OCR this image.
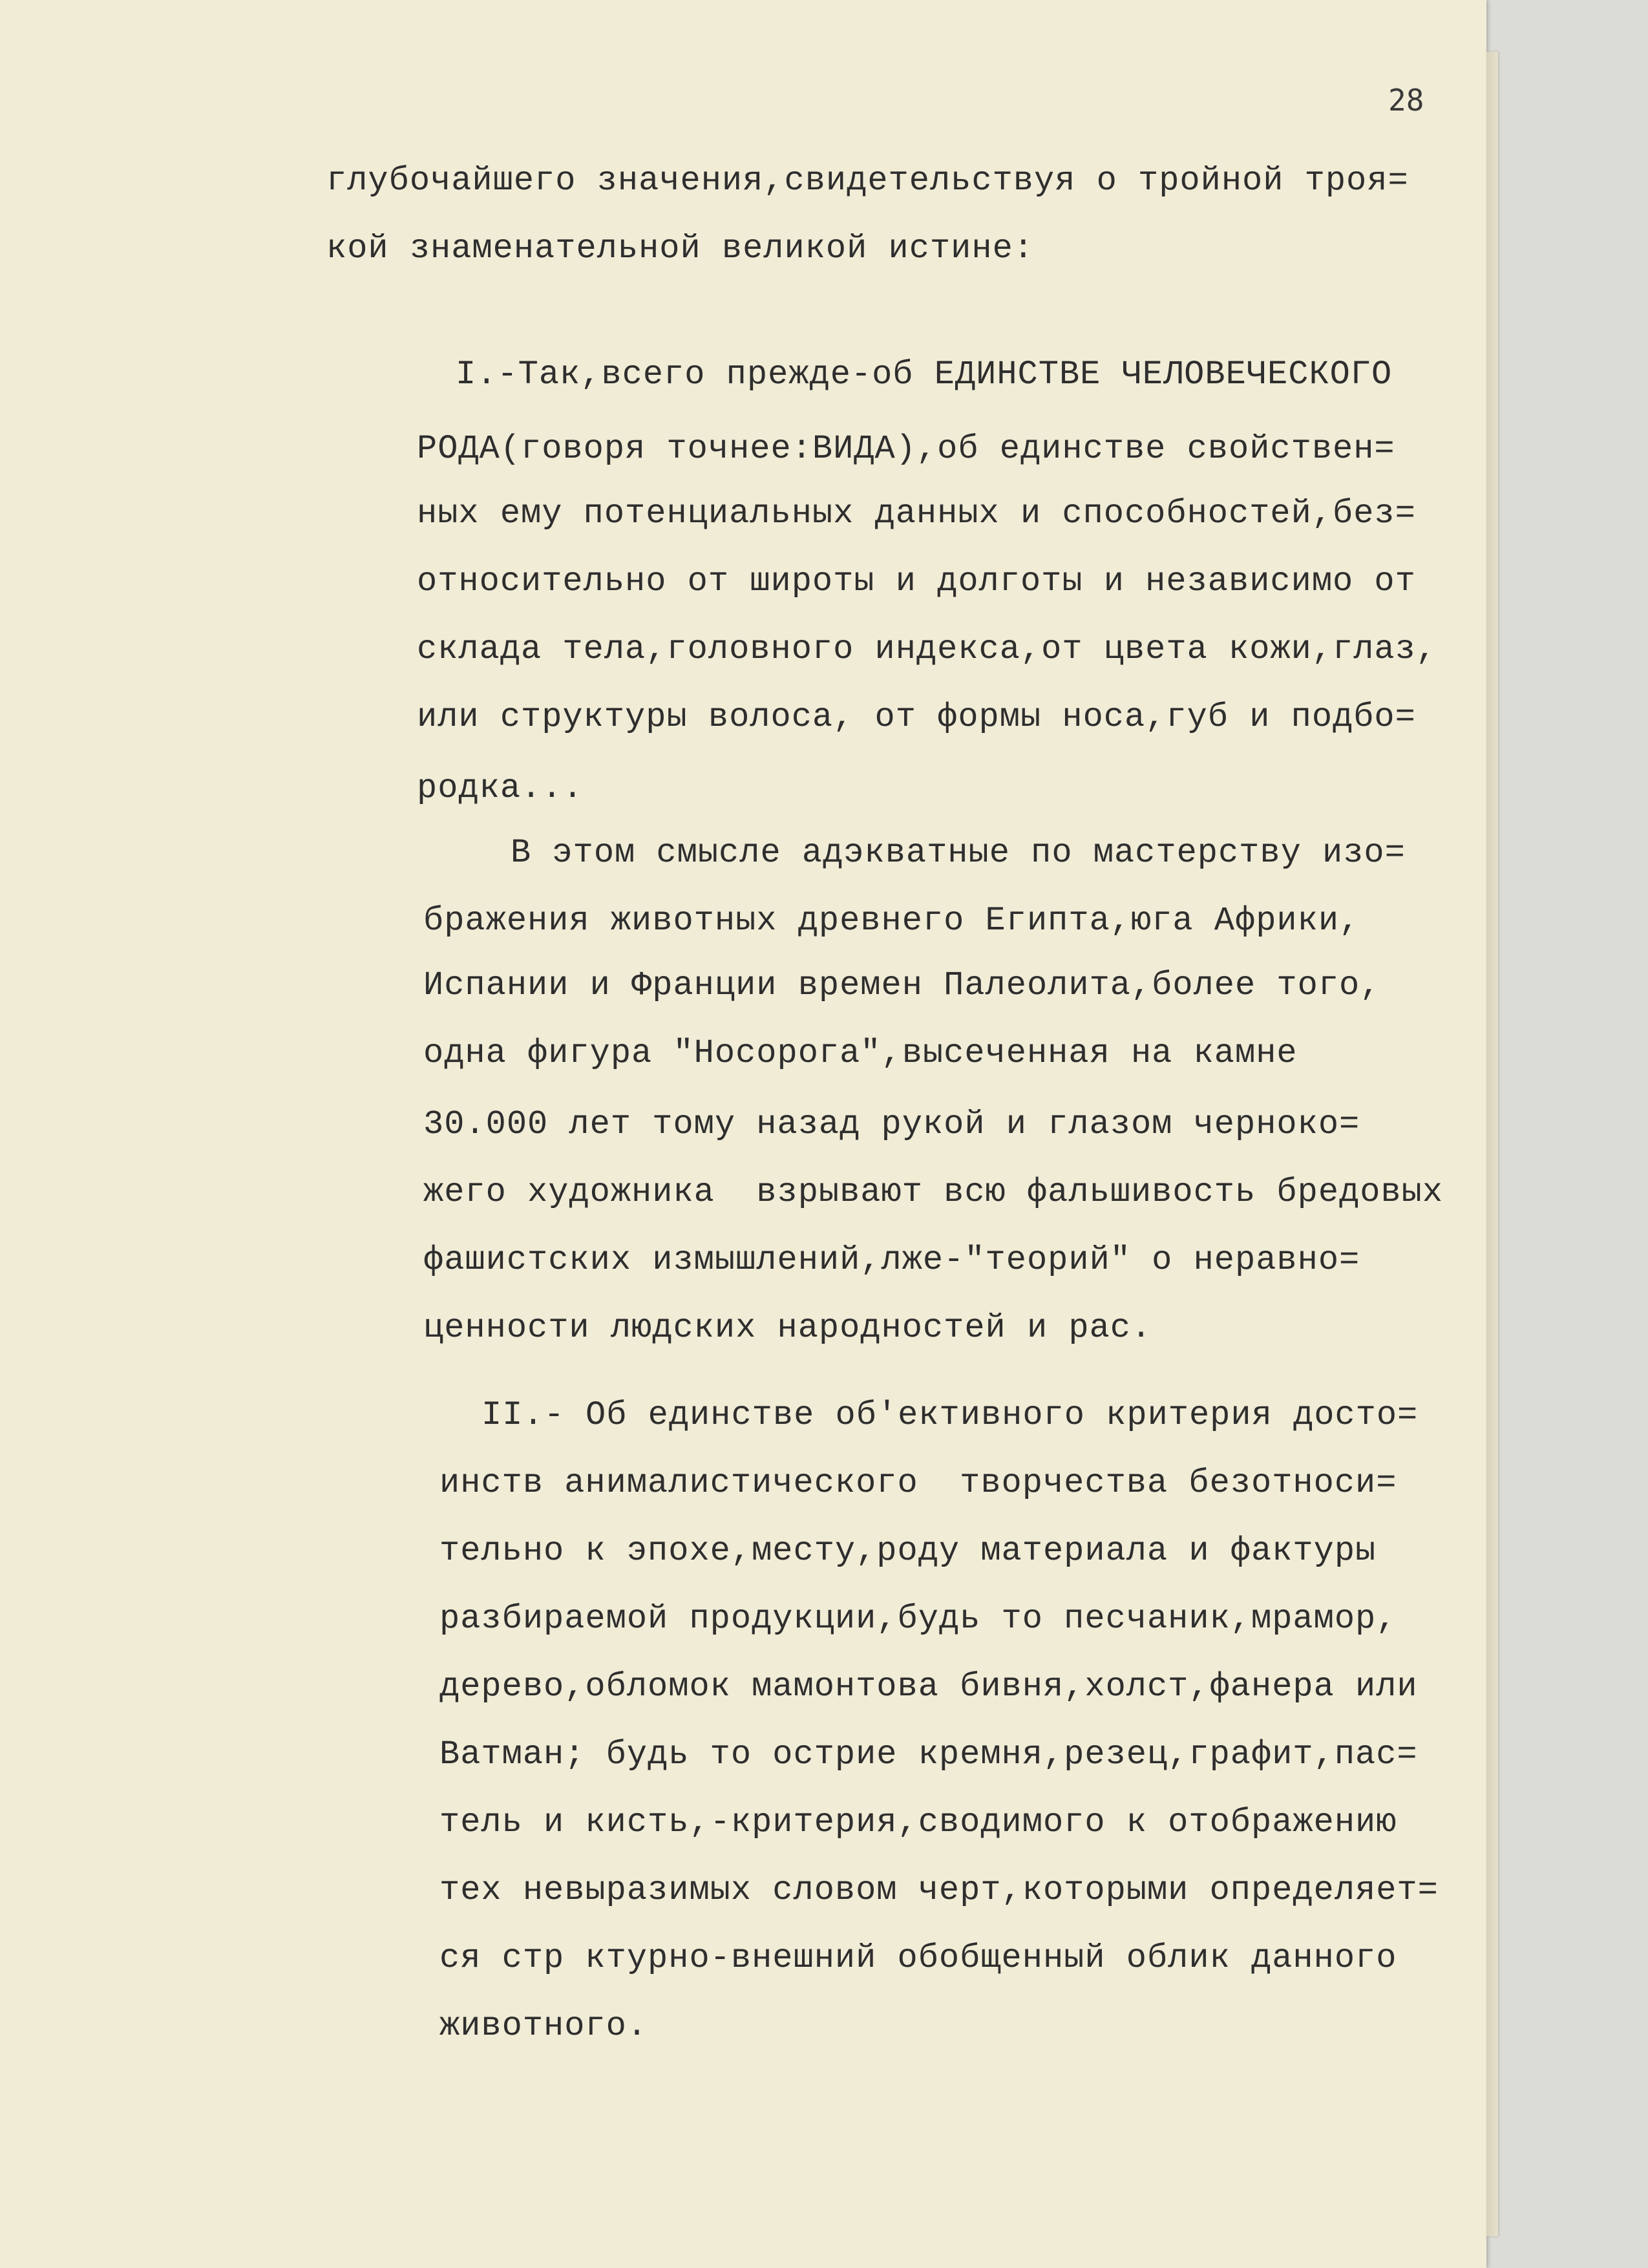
28
глубочайшего значения,свидетельствуя о тройной троя=
кой знаменательной великой истине:
I.-Так,всего прежде-об ЕДИНСТВЕ ЧЕЛОВЕЧЕСКОГО
РОДА(говоря точнее:ВИДА),об единстве свойствен=
ных ему потенциальных данных и способностей,без=
относительно от широты и долготы и независимо от
склада тела,головного индекса,от цвета кожи,глаз,
или структуры волоса, от формы носа,губ и подбо=
родка...
В этом смысле адэкватные по мастерству изо=
бражения животных древнего Египта,юга Африки,
Испании и Франции времен Палеолита,более того,
одна фигура "Носорога",высеченная на камне
30.000 лет тому назад рукой и глазом черноко=
жего художника  взрывают всю фальшивость бредовых
фашистских измышлений,лже-"теорий" о неравно=
ценности людских народностей и рас.
II.- Об единстве об'ективного критерия досто=
инств анималистического  творчества безотноси=
тельно к эпохе,месту,роду материала и фактуры
разбираемой продукции,будь то песчаник,мрамор,
дерево,обломок мамонтова бивня,холст,фанера или
Ватман; будь то острие кремня,резец,графит,пас=
тель и кисть,-критерия,сводимого к отображению
тех невыразимых словом черт,которыми определяет=
ся стр ктурно-внешний обобщенный облик данного
животного.
